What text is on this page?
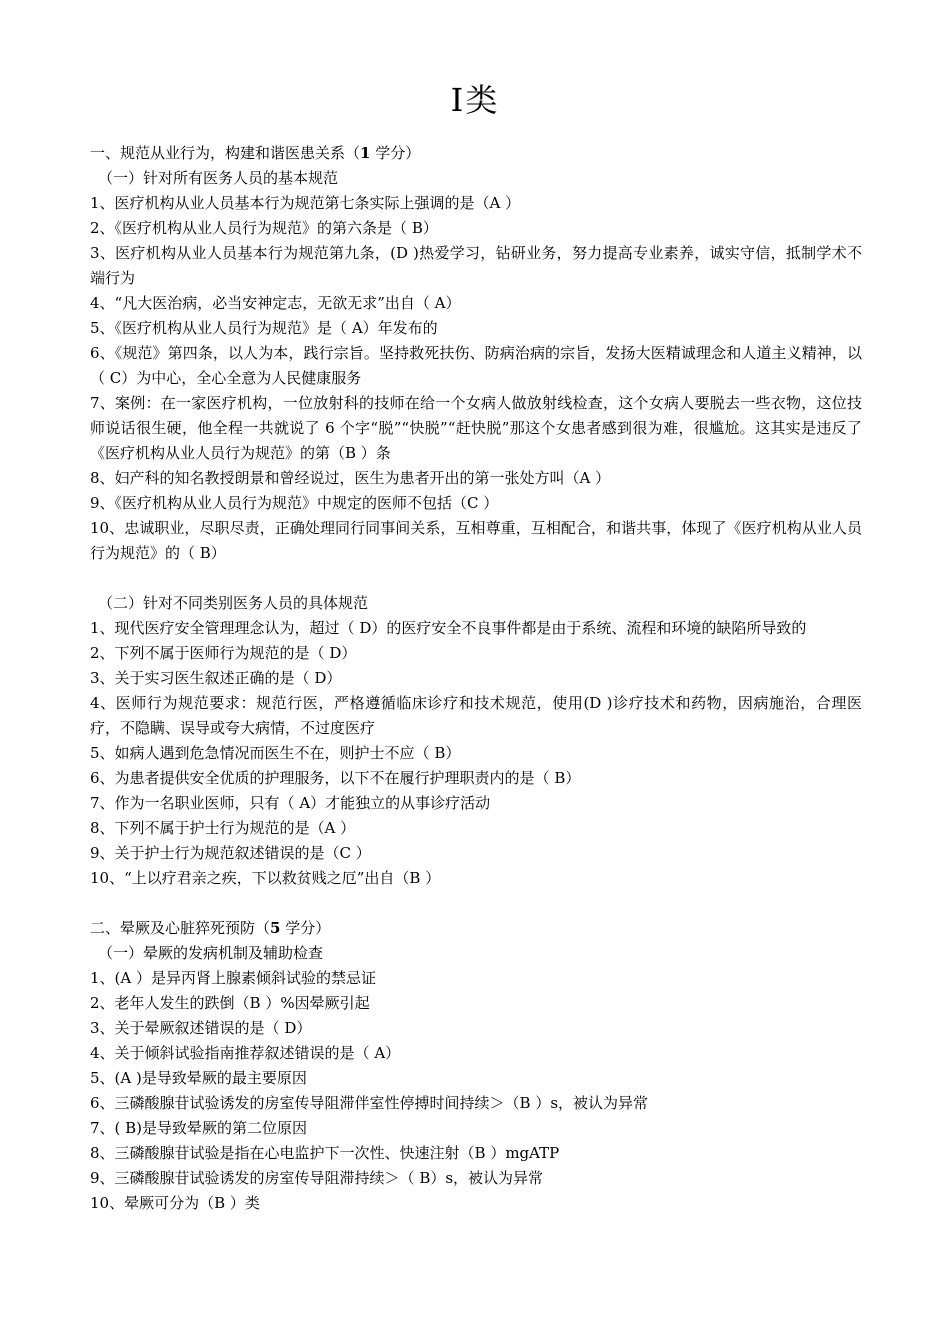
Ⅰ类

一、规范从业行为，构建和谐医患关系（1 学分）

（一）针对所有医务人员的基本规范

1、医疗机构从业人员基本行为规范第七条实际上强调的是（A ）

2、《医疗机构从业人员行为规范》的第六条是（ B）

3、医疗机构从业人员基本行为规范第九条，(D )热爱学习，钻研业务，努力提高专业素养，诚实守信，抵制学术不端行为

4、“凡大医治病，必当安神定志，无欲无求”出自（ A）

5、《医疗机构从业人员行为规范》是（ A）年发布的

6、《规范》第四条，以人为本，践行宗旨。坚持救死扶伤、防病治病的宗旨，发扬大医精诚理念和人道主义精神，以（ C）为中心，全心全意为人民健康服务

7、案例：在一家医疗机构，一位放射科的技师在给一个女病人做放射线检查，这个女病人要脱去一些衣物，这位技师说话很生硬，他全程一共就说了 6 个字“脱”“快脱”“赶快脱”那这个女患者感到很为难，很尴尬。这其实是违反了《医疗机构从业人员行为规范》的第（B ）条

8、妇产科的知名教授朗景和曾经说过，医生为患者开出的第一张处方叫（A ）

9、《医疗机构从业人员行为规范》中规定的医师不包括（C ）

10、忠诚职业，尽职尽责，正确处理同行同事间关系，互相尊重，互相配合，和谐共事，体现了《医疗机构从业人员行为规范》的（ B）

（二）针对不同类别医务人员的具体规范

1、现代医疗安全管理理念认为，超过（ D）的医疗安全不良事件都是由于系统、流程和环境的缺陷所导致的

2、下列不属于医师行为规范的是（ D）

3、关于实习医生叙述正确的是（ D）

4、医师行为规范要求：规范行医，严格遵循临床诊疗和技术规范，使用(D )诊疗技术和药物，因病施治，合理医疗，不隐瞒、误导或夸大病情，不过度医疗

5、如病人遇到危急情况而医生不在，则护士不应（ B）

6、为患者提供安全优质的护理服务，以下不在履行护理职责内的是（ B）

7、作为一名职业医师，只有（ A）才能独立的从事诊疗活动

8、下列不属于护士行为规范的是（A ）

9、关于护士行为规范叙述错误的是（C ）

10、“上以疗君亲之疾，下以救贫贱之厄”出自（B ）

二、晕厥及心脏猝死预防（5 学分）

（一）晕厥的发病机制及辅助检查

1、(A ）是异丙肾上腺素倾斜试验的禁忌证

2、老年人发生的跌倒（B ）%因晕厥引起

3、关于晕厥叙述错误的是（ D）

4、关于倾斜试验指南推荐叙述错误的是（ A）

5、(A )是导致晕厥的最主要原因

6、三磷酸腺苷试验诱发的房室传导阻滞伴室性停搏时间持续＞（B ）s，被认为异常

7、( B)是导致晕厥的第二位原因

8、三磷酸腺苷试验是指在心电监护下一次性、快速注射（B ）mgATP

9、三磷酸腺苷试验诱发的房室传导阻滞持续＞（ B）s，被认为异常

10、晕厥可分为（B ）类
